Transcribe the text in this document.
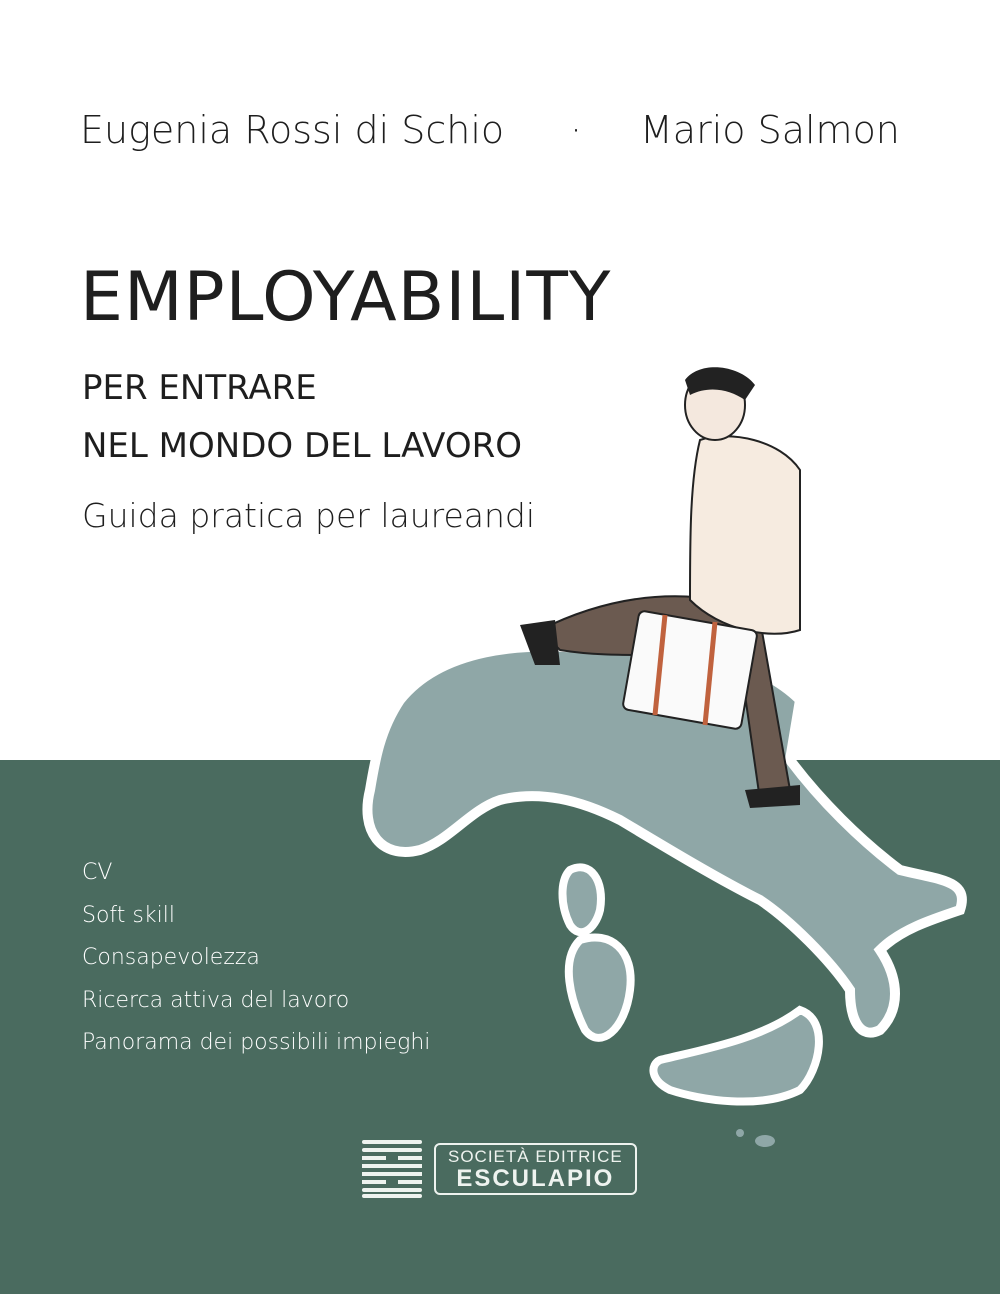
Eugenia Rossi di Schio · Mario Salmon
EMPLOYABILITY
PER ENTRARE
NEL MONDO DEL LAVORO
Guida pratica per laureandi
CV
Soft skill
Consapevolezza
Ricerca attiva del lavoro
Panorama dei possibili impieghi
SOCIETÀ EDITRICE
ESCULAPIO
